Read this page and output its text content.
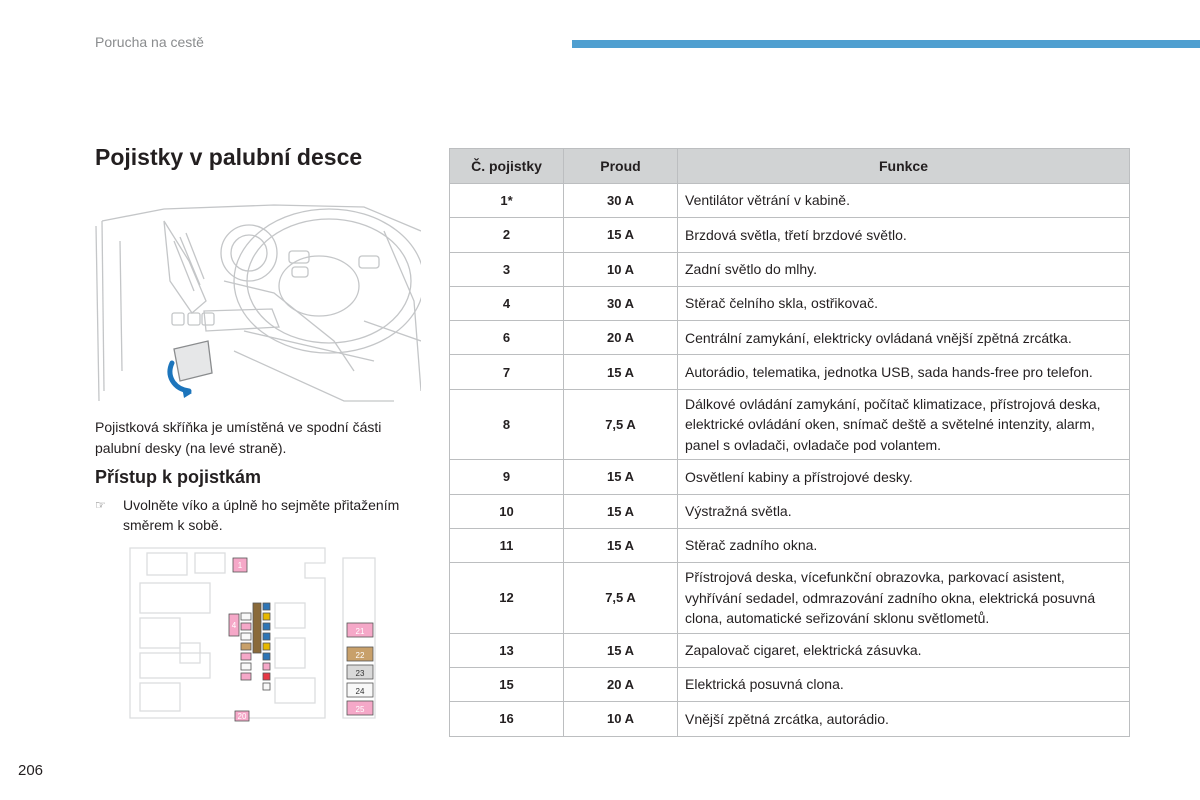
Porucha na cestě
Pojistky v palubní desce

Pojistková skříňka je umístěná ve spodní části palubní desky (na levé straně).

Přístup k pojistkám
☞	Uvolněte víko a úplně ho sejměte přitažením směrem k sobě.
1
4
21
22
23
24
25
20
Č. pojistky	Proud	Funkce
1*	30 A	Ventilátor větrání v kabině.
2	15 A	Brzdová světla, třetí brzdové světlo.
3	10 A	Zadní světlo do mlhy.
4	30 A	Stěrač čelního skla, ostřikovač.
6	20 A	Centrální zamykání, elektricky ovládaná vnější zpětná zrcátka.
7	15 A	Autorádio, telematika, jednotka USB, sada hands-free pro telefon.
8	7,5 A	Dálkové ovládání zamykání, počítač klimatizace, přístrojová deska, elektrické ovládání oken, snímač deště a světelné intenzity, alarm, panel s ovladači, ovladače pod volantem.
9	15 A	Osvětlení kabiny a přístrojové desky.
10	15 A	Výstražná světla.
11	15 A	Stěrač zadního okna.
12	7,5 A	Přístrojová deska, vícefunkční obrazovka, parkovací asistent, vyhřívání sedadel, odmrazování zadního okna, elektrická posuvná clona, automatické seřizování sklonu světlometů.
13	15 A	Zapalovač cigaret, elektrická zásuvka.
15	20 A	Elektrická posuvná clona.
16	10 A	Vnější zpětná zrcátka, autorádio.
206
